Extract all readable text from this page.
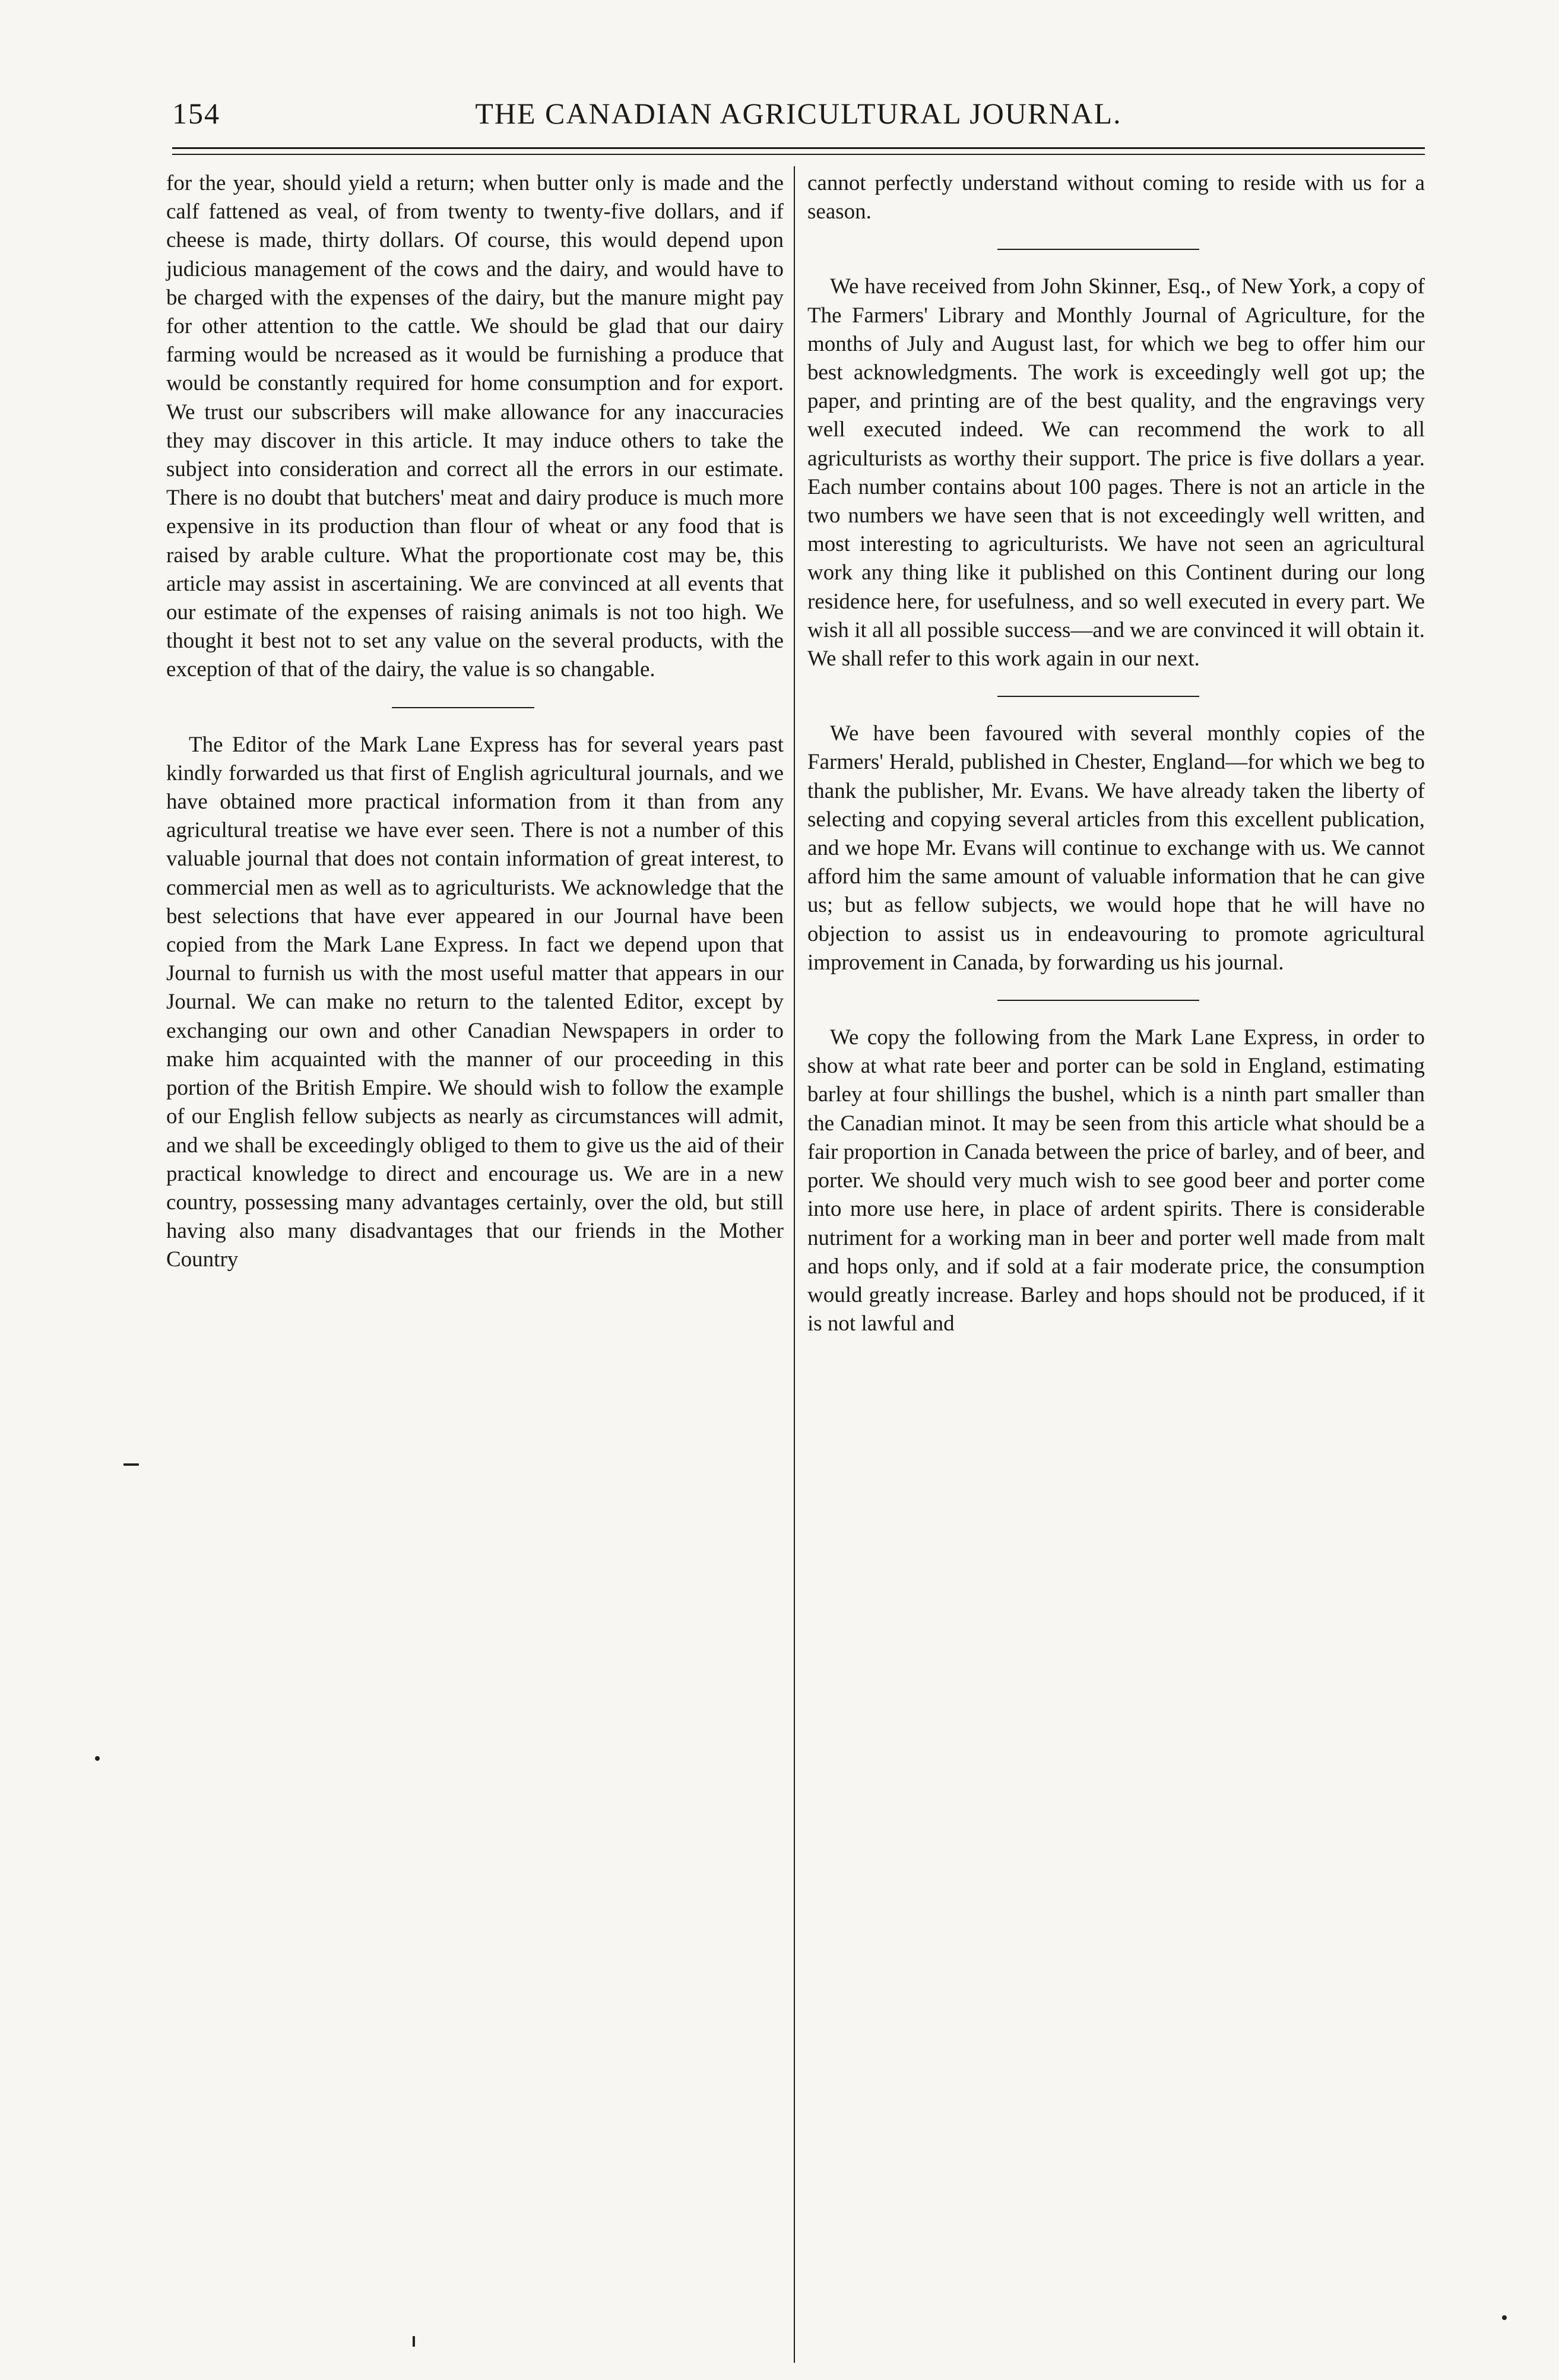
154	THE CANADIAN AGRICULTURAL JOURNAL.

for the year, should yield a return; when butter only is made and the calf fattened as veal, of from twenty to twenty-five dollars, and if cheese is made, thirty dollars. Of course, this would depend upon judicious management of the cows and the dairy, and would have to be charged with the expenses of the dairy, but the manure might pay for other attention to the cattle. We should be glad that our dairy farming would be ncreased as it would be furnishing a produce that would be constantly required for home consumption and for export. We trust our subscribers will make allowance for any inaccuracies they may discover in this article. It may induce others to take the subject into consideration and correct all the errors in our estimate. There is no doubt that butchers' meat and dairy produce is much more expensive in its production than flour of wheat or any food that is raised by arable culture. What the proportionate cost may be, this article may assist in ascertaining. We are convinced at all events that our estimate of the expenses of raising animals is not too high. We thought it best not to set any value on the several products, with the exception of that of the dairy, the value is so changable.

The Editor of the Mark Lane Express has for several years past kindly forwarded us that first of English agricultural journals, and we have obtained more practical information from it than from any agricultural treatise we have ever seen. There is not a number of this valuable journal that does not contain information of great interest, to commercial men as well as to agriculturists. We acknowledge that the best selections that have ever appeared in our Journal have been copied from the Mark Lane Express. In fact we depend upon that Journal to furnish us with the most useful matter that appears in our Journal. We can make no return to the talented Editor, except by exchanging our own and other Canadian Newspapers in order to make him acquainted with the manner of our proceeding in this portion of the British Empire. We should wish to follow the example of our English fellow subjects as nearly as circumstances will admit, and we shall be exceedingly obliged to them to give us the aid of their practical knowledge to direct and encourage us. We are in a new country, possessing many advantages certainly, over the old, but still having also many disadvantages that our friends in the Mother Country

cannot perfectly understand without coming to reside with us for a season.

We have received from John Skinner, Esq., of New York, a copy of The Farmers' Library and Monthly Journal of Agriculture, for the months of July and August last, for which we beg to offer him our best acknowledgments. The work is exceedingly well got up; the paper, and printing are of the best quality, and the engravings very well executed indeed. We can recommend the work to all agriculturists as worthy their support. The price is five dollars a year. Each number contains about 100 pages. There is not an article in the two numbers we have seen that is not exceedingly well written, and most interesting to agriculturists. We have not seen an agricultural work any thing like it published on this Continent during our long residence here, for usefulness, and so well executed in every part. We wish it all all possible success—and we are convinced it will obtain it. We shall refer to this work again in our next.

We have been favoured with several monthly copies of the Farmers' Herald, published in Chester, England—for which we beg to thank the publisher, Mr. Evans. We have already taken the liberty of selecting and copying several articles from this excellent publication, and we hope Mr. Evans will continue to exchange with us. We cannot afford him the same amount of valuable information that he can give us; but as fellow subjects, we would hope that he will have no objection to assist us in endeavouring to promote agricultural improvement in Canada, by forwarding us his journal.

We copy the following from the Mark Lane Express, in order to show at what rate beer and porter can be sold in England, estimating barley at four shillings the bushel, which is a ninth part smaller than the Canadian minot. It may be seen from this article what should be a fair proportion in Canada between the price of barley, and of beer, and porter. We should very much wish to see good beer and porter come into more use here, in place of ardent spirits. There is considerable nutriment for a working man in beer and porter well made from malt and hops only, and if sold at a fair moderate price, the consumption would greatly increase. Barley and hops should not be produced, if it is not lawful and
